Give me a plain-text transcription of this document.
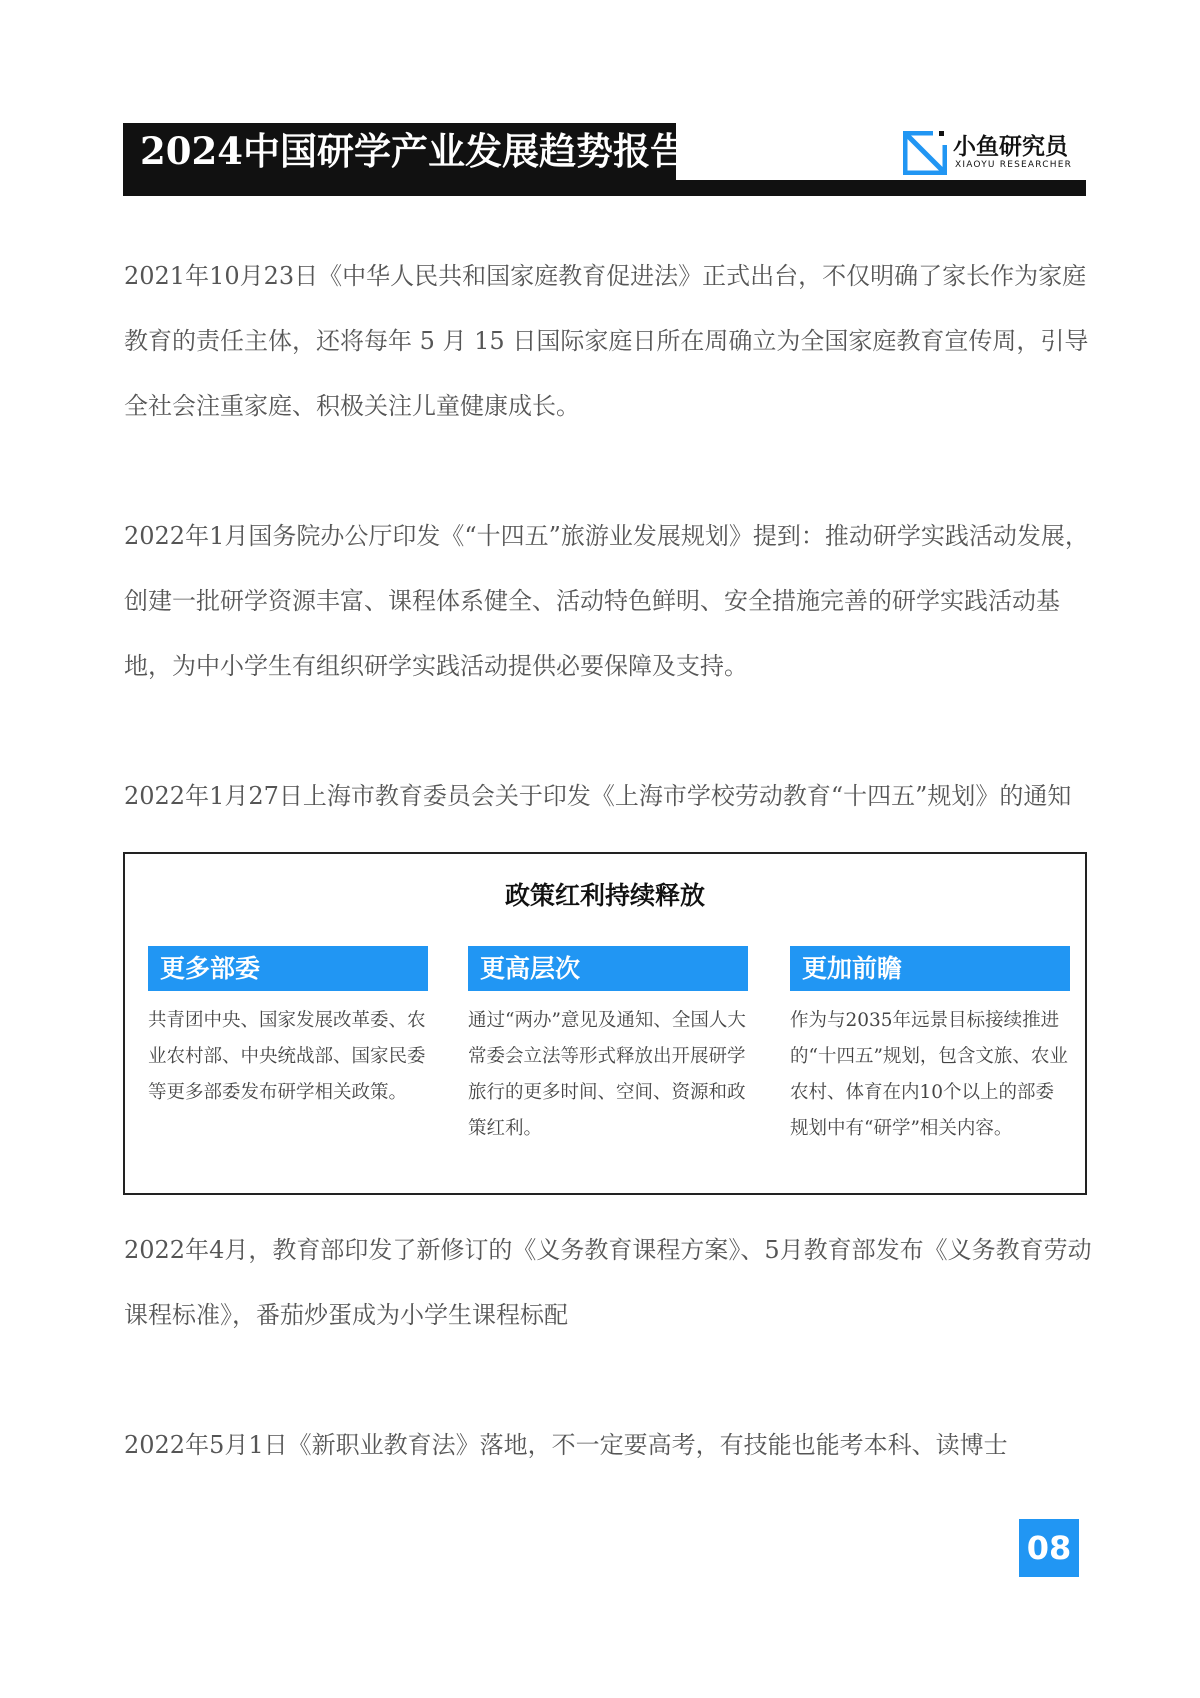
2024中国研学产业发展趋势报告	小鱼研究员
XIAOYU RESEARCHER

2021年10月23日《中华人民共和国家庭教育促进法》正式出台，不仅明确了家长作为家庭教育的责任主体，还将每年 5 月 15 日国际家庭日所在周确立为全国家庭教育宣传周，引导全社会注重家庭、积极关注儿童健康成长。

2022年1月国务院办公厅印发《“十四五”旅游业发展规划》提到：推动研学实践活动发展，创建一批研学资源丰富、课程体系健全、活动特色鲜明、安全措施完善的研学实践活动基地，为中小学生有组织研学实践活动提供必要保障及支持。

2022年1月27日上海市教育委员会关于印发《上海市学校劳动教育“十四五”规划》的通知

政策红利持续释放
更多部委
共青团中央、国家发展改革委、农业农村部、中央统战部、国家民委等更多部委发布研学相关政策。
更高层次
通过“两办”意见及通知、全国人大常委会立法等形式释放出开展研学旅行的更多时间、空间、资源和政策红利。
更加前瞻
作为与2035年远景目标接续推进的“十四五”规划，包含文旅、农业农村、体育在内10个以上的部委规划中有“研学”相关内容。

2022年4月，教育部印发了新修订的《义务教育课程方案》、5月教育部发布《义务教育劳动课程标准》，番茄炒蛋成为小学生课程标配

2022年5月1日《新职业教育法》落地，不一定要高考，有技能也能考本科、读博士

08
